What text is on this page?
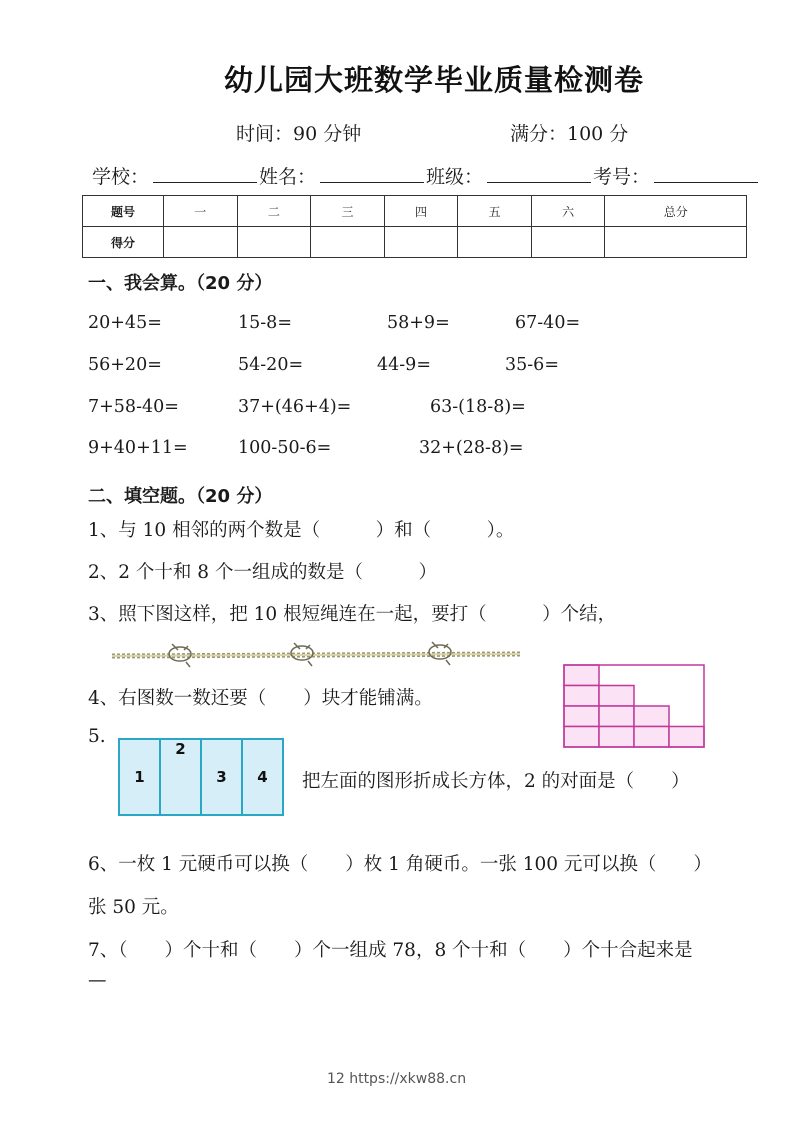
幼儿园大班数学毕业质量检测卷
时间：90 分钟	满分：100 分
学校：	姓名：	班级：	考号：
题号	一	二	三	四	五	六	总分
得分							
一、我会算。（20 分）
20+45=	15-8=	58+9=	67-40=
56+20=	54-20=	44-9=	35-6=
7+58-40=	37+(46+4)=	63-(18-8)=
9+40+11=	100-50-6=	32+(28-8)=
二、填空题。（20 分）
1、与 10 相邻的两个数是（　　　）和（　　　）。
2、2 个十和 8 个一组成的数是（　　　）
3、照下图这样，把 10 根短绳连在一起，要打（　　　）个结，
4、右图数一数还要（　　）块才能铺满。
5.
1
2
3	4	把左面的图形折成长方体，2 的对面是（　　）
6、一枚 1 元硬币可以换（　　）枚 1 角硬币。一张 100 元可以换（　　）
张 50 元。
7、（　　）个十和（　　）个一组成 78，8 个十和（　　）个十合起来是
—
12 https://xkw88.cn
